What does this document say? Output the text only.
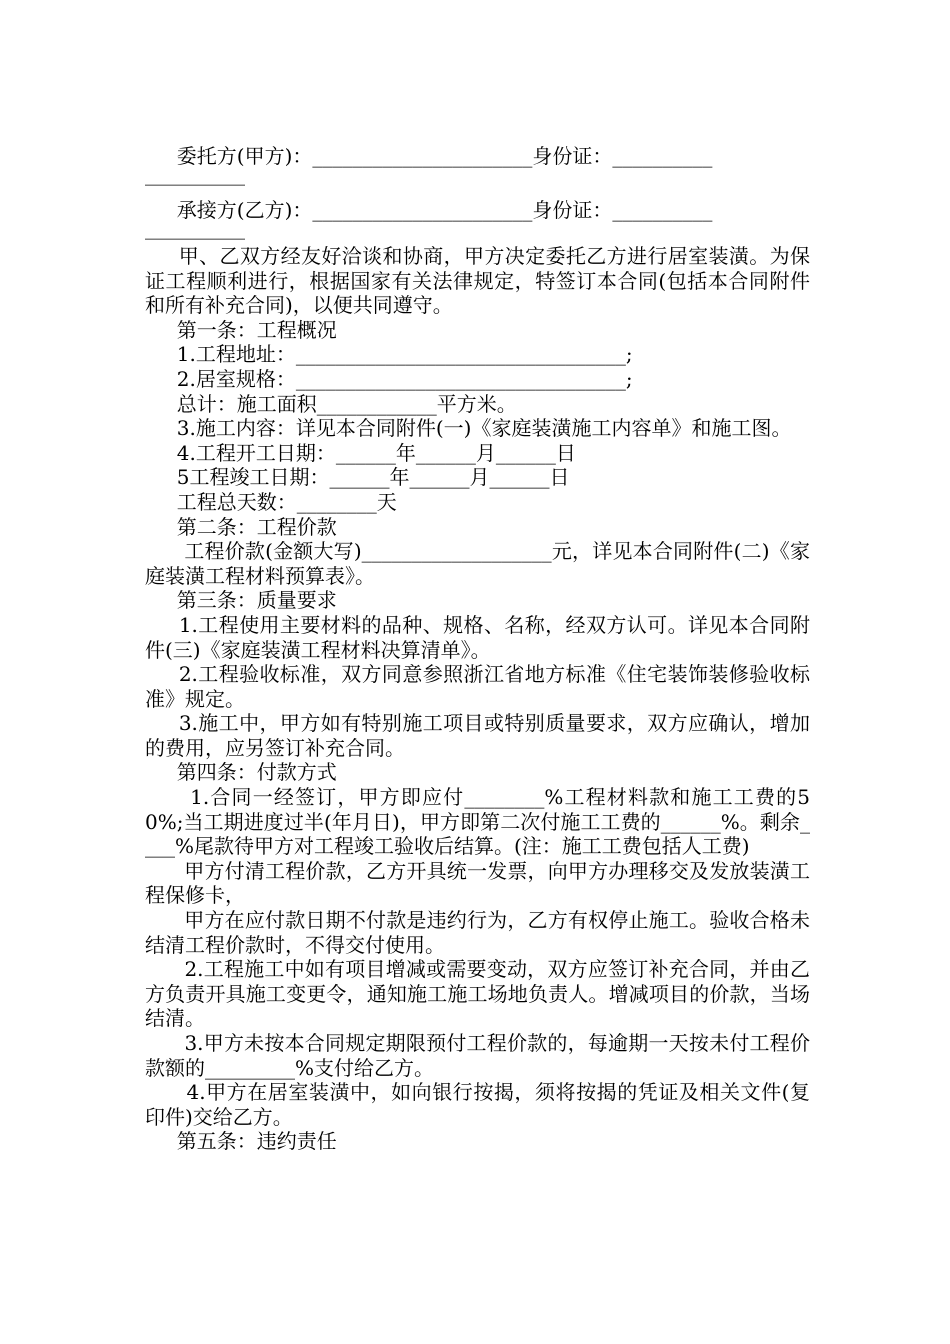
委托方(甲方)：______________________身份证：__________
__________
承接方(乙方)：______________________身份证：__________
__________

甲、乙双方经友好洽谈和协商，甲方决定委托乙方进行居室装潢。为保证工程顺利进行，根据国家有关法律规定，特签订本合同(包括本合同附件和所有补充合同)，以便共同遵守。

第一条：工程概况

1.工程地址：_________________________________;

2.居室规格：_________________________________;

总计：施工面积____________平方米。

3.施工内容：详见本合同附件(一)《家庭装潢施工内容单》和施工图。

4.工程开工日期：______年______月______日

5工程竣工日期：______年______月______日

工程总天数：________天

第二条：工程价款

工程价款(金额大写)___________________元，详见本合同附件(二)《家庭装潢工程材料预算表》。

第三条：质量要求

1.工程使用主要材料的品种、规格、名称，经双方认可。详见本合同附件(三)《家庭装潢工程材料决算清单》。

2.工程验收标准，双方同意参照浙江省地方标准《住宅装饰装修验收标准》规定。

3.施工中，甲方如有特别施工项目或特别质量要求，双方应确认，增加的费用，应另签订补充合同。

第四条：付款方式

1.合同一经签订，甲方即应付________%工程材料款和施工工费的50%;当工期进度过半(年月日)，甲方即第二次付施工工费的______%。剩余____%尾款待甲方对工程竣工验收后结算。(注：施工工费包括人工费)

甲方付清工程价款，乙方开具统一发票，向甲方办理移交及发放装潢工程保修卡，

甲方在应付款日期不付款是违约行为，乙方有权停止施工。验收合格未结清工程价款时，不得交付使用。

2.工程施工中如有项目增减或需要变动，双方应签订补充合同，并由乙方负责开具施工变更令，通知施工施工场地负责人。增减项目的价款，当场结清。

3.甲方未按本合同规定期限预付工程价款的，每逾期一天按未付工程价款额的_________%支付给乙方。

4.甲方在居室装潢中，如向银行按揭，须将按揭的凭证及相关文件(复印件)交给乙方。

第五条：违约责任
